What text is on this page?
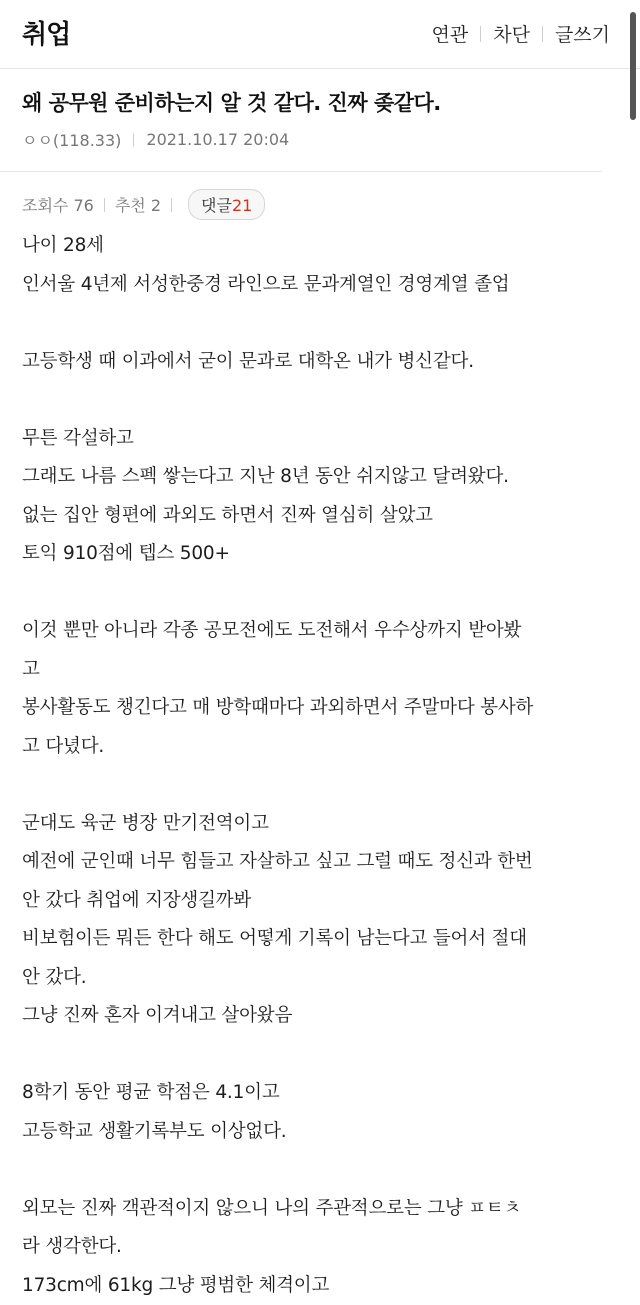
취업	연관 차단 글쓰기
왜 공무원 준비하는지 알 것 같다. 진짜 좆같다.
ㅇㅇ(118.33) 2021.10.17 20:04
조회수 76 추천 2	댓글21
나이 28세
인서울 4년제 서성한중경 라인으로 문과계열인 경영계열 졸업
고등학생 때 이과에서 굳이 문과로 대학온 내가 병신같다.
무튼 각설하고
그래도 나름 스펙 쌓는다고 지난 8년 동안 쉬지않고 달려왔다.
없는 집안 형편에 과외도 하면서 진짜 열심히 살았고
토익 910점에 텝스 500+
이것 뿐만 아니라 각종 공모전에도 도전해서 우수상까지 받아봤
고
봉사활동도 챙긴다고 매 방학때마다 과외하면서 주말마다 봉사하
고 다녔다.
군대도 육군 병장 만기전역이고
예전에 군인때 너무 힘들고 자살하고 싶고 그럴 때도 정신과 한번
안 갔다 취업에 지장생길까봐
비보험이든 뭐든 한다 해도 어떻게 기록이 남는다고 들어서 절대
안 갔다.
그냥 진짜 혼자 이겨내고 살아왔음
8학기 동안 평균 학점은 4.1이고
고등학교 생활기록부도 이상없다.
외모는 진짜 객관적이지 않으니 나의 주관적으로는 그냥 ㅍㅌㅊ
라 생각한다.
173cm에 61kg 그냥 평범한 체격이고
